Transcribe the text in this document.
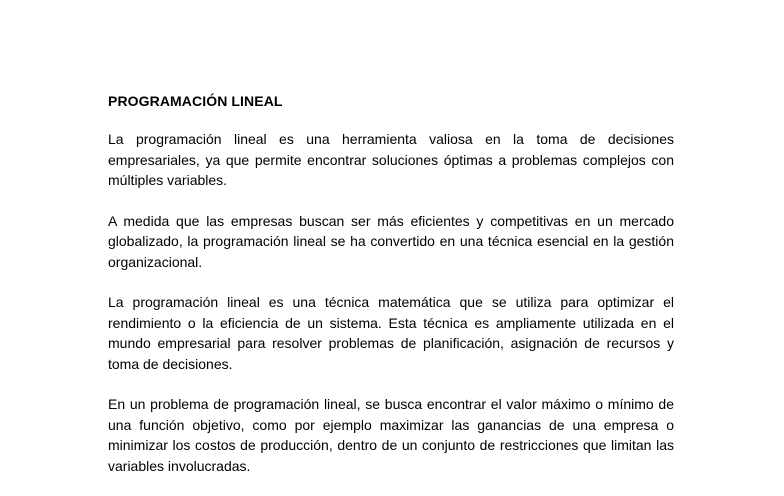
PROGRAMACIÓN LINEAL

La programación lineal es una herramienta valiosa en la toma de decisiones empresariales, ya que permite encontrar soluciones óptimas a problemas complejos con múltiples variables.

A medida que las empresas buscan ser más eficientes y competitivas en un mercado globalizado, la programación lineal se ha convertido en una técnica esencial en la gestión organizacional.

La programación lineal es una técnica matemática que se utiliza para optimizar el rendimiento o la eficiencia de un sistema. Esta técnica es ampliamente utilizada en el mundo empresarial para resolver problemas de planificación, asignación de recursos y toma de decisiones.

En un problema de programación lineal, se busca encontrar el valor máximo o mínimo de una función objetivo, como por ejemplo maximizar las ganancias de una empresa o minimizar los costos de producción, dentro de un conjunto de restricciones que limitan las variables involucradas.
